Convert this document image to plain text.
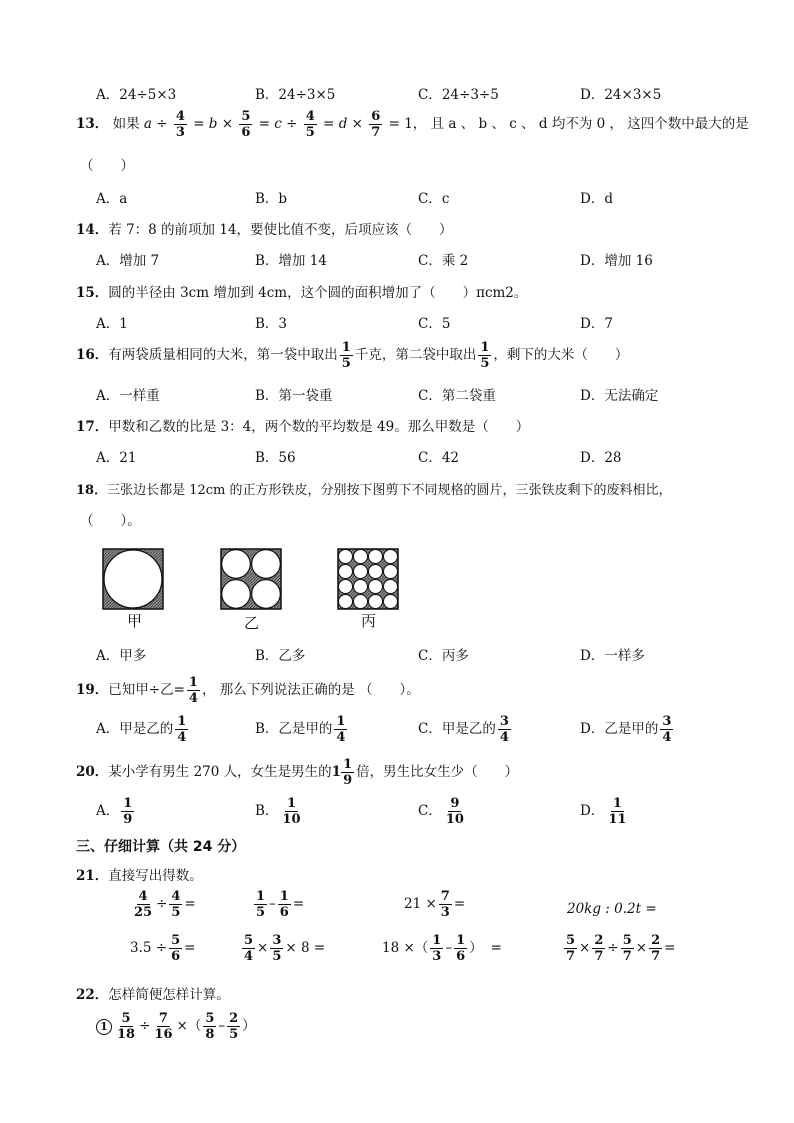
A．24÷5×3	B．24÷3×5	C．24÷3÷5	D．24×3×5
13． 如果 $a \div \frac{4}{3} = b \times \frac{5}{6} = c \div \frac{4}{5} = d \times \frac{6}{7} = 1$， 且 a 、 b 、 c 、 d 均不为 0 ， 这四个数中最大的是
（　　）
A．a	B．b	C．c	D．d
14．若 7：8 的前项加 14，要使比值不变，后项应该（　　）
A．增加 7	B．增加 14	C．乘 2	D．增加 16
15．圆的半径由 3cm 增加到 4cm，这个圆的面积增加了（　　）πcm2。
A．1	B．3	C．5	D．7
16．有两袋质量相同的大米，第一袋中取出 $\frac{1}{5}$ 千克，第二袋中取出 $\frac{1}{5}$ ，剩下的大米（　　）
A．一样重	B．第一袋重	C．第二袋重	D．无法确定
17．甲数和乙数的比是 3：4，两个数的平均数是 49。那么甲数是（　　）
A．21	B．56	C．42	D．28
18．三张边长都是 12cm 的正方形铁皮，分别按下图剪下不同规格的圆片，三张铁皮剩下的废料相比，
（　　）。
甲	乙	丙
A．甲多	B．乙多	C．丙多	D．一样多
19．已知甲÷乙= $\frac{1}{4}$ ， 那么下列说法正确的是 （　　）。
A．甲是乙的 $\frac{1}{4}$	B．乙是甲的 $\frac{1}{4}$	C．甲是乙的 $\frac{3}{4}$	D．乙是甲的 $\frac{3}{4}$
20．某小学有男生 270 人，女生是男生的$1 \frac{1}{9}$ 倍，男生比女生少（　　）
A． $\frac{1}{9}$	B． $\frac{1}{10}$	C． $\frac{9}{10}$	D． $\frac{1}{11}$
三、仔细计算（共 24 分）
21．直接写出得数。
$\frac{4}{25} \div \frac{4}{5}$ =	$\frac{1}{5} - \frac{1}{6}$ =	$21 \times \frac{7}{3}$ =	20kg : 0.2t =
$3.5 \div \frac{5}{6}$ =	$\frac{5}{4} \times \frac{3}{5} \times 8$ =	18 ×（ $\frac{1}{3} - \frac{1}{6}$ ） =	$\frac{5}{7} \times \frac{2}{7} \div \frac{5}{7} \times \frac{2}{7}$ =
22．怎样简便怎样计算。
$1 \frac{5}{18} \div \frac{7}{16}$ ×（ $\frac{5}{8} - \frac{2}{5}$ ）
